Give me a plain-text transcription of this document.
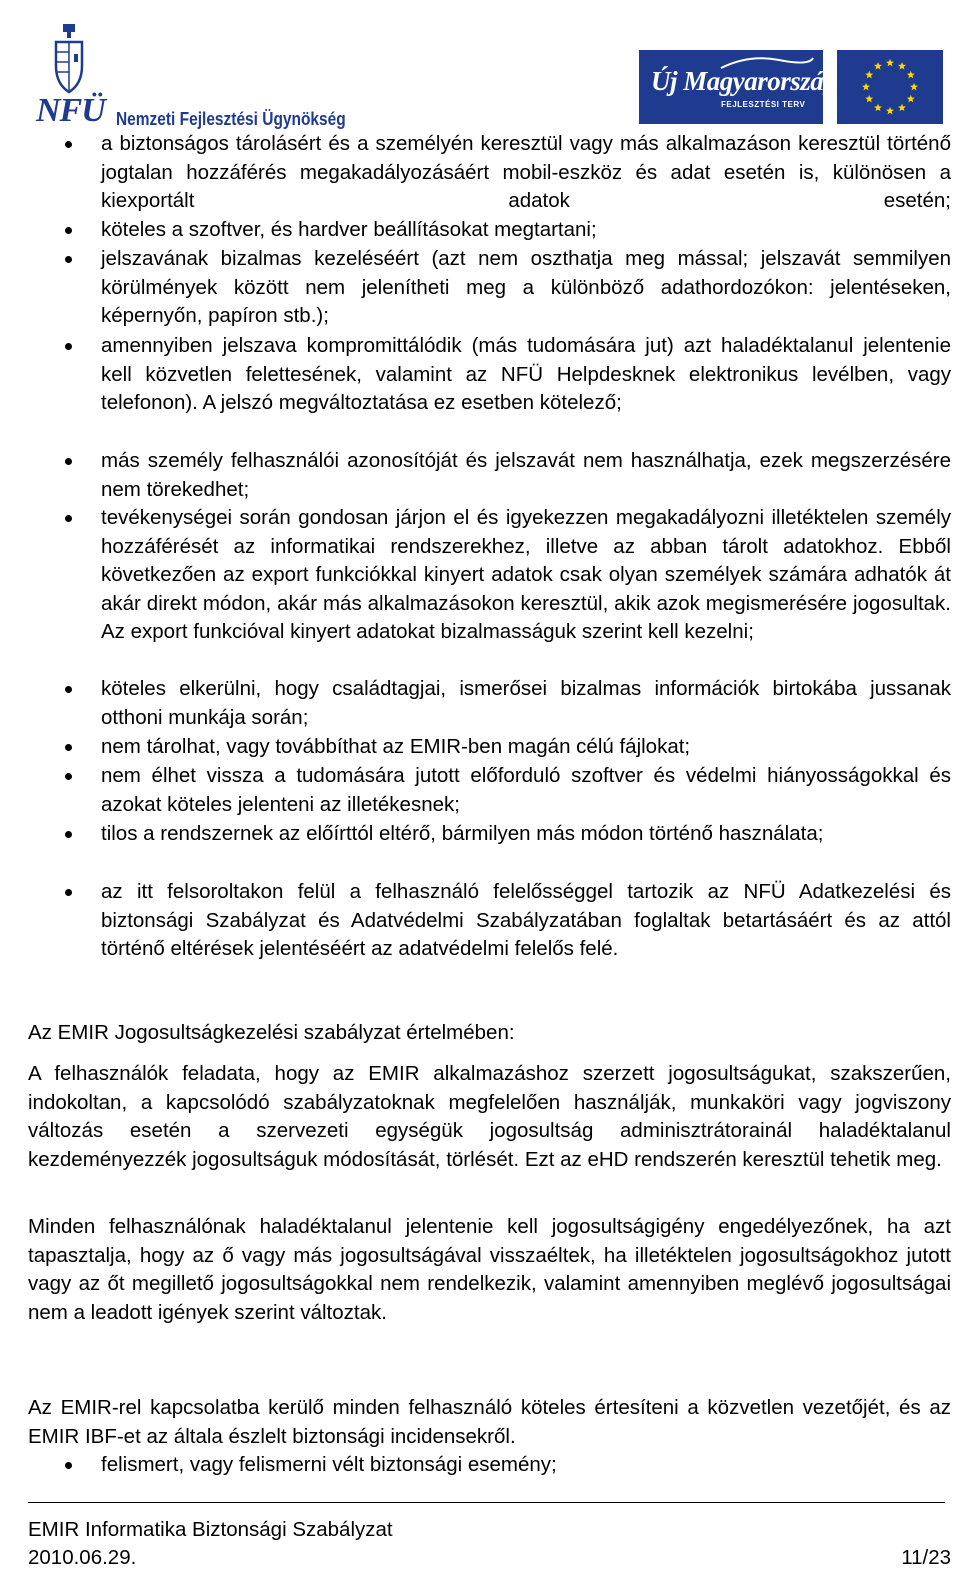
NFÜ Nemzeti Fejlesztési Ügynökség
Új Magyarország
FEJLESZTÉSI TERV
a biztonságos tárolásért és a személyén keresztül vagy más alkalmazáson keresztül történő jogtalan hozzáférés megakadályozásáért mobil-eszköz és adat esetén is, különösen a kiexportált adatok esetén;
köteles a szoftver, és hardver beállításokat megtartani;
jelszavának bizalmas kezeléséért (azt nem oszthatja meg mással; jelszavát semmilyen körülmények között nem jelenítheti meg a különböző adathordozókon: jelentéseken, képernyőn, papíron stb.);
amennyiben jelszava kompromittálódik (más tudomására jut) azt haladéktalanul jelentenie kell közvetlen felettesének, valamint az NFÜ Helpdesknek elektronikus levélben, vagy telefonon). A jelszó megváltoztatása ez esetben kötelező;
más személy felhasználói azonosítóját és jelszavát nem használhatja, ezek megszerzésére nem törekedhet;
tevékenységei során gondosan járjon el és igyekezzen megakadályozni illetéktelen személy hozzáférését az informatikai rendszerekhez, illetve az abban tárolt adatokhoz. Ebből következően az export funkciókkal kinyert adatok csak olyan személyek számára adhatók át akár direkt módon, akár más alkalmazásokon keresztül, akik azok megismerésére jogosultak. Az export funkcióval kinyert adatokat bizalmasságuk szerint kell kezelni;
köteles elkerülni, hogy családtagjai, ismerősei bizalmas információk birtokába jussanak otthoni munkája során;
nem tárolhat, vagy továbbíthat az EMIR-ben magán célú fájlokat;
nem élhet vissza a tudomására jutott előforduló szoftver és védelmi hiányosságokkal és azokat köteles jelenteni az illetékesnek;
tilos a rendszernek az előírttól eltérő, bármilyen más módon történő használata;
az itt felsoroltakon felül a felhasználó felelősséggel tartozik az NFÜ Adatkezelési és biztonsági Szabályzat és Adatvédelmi Szabályzatában foglaltak betartásáért és az attól történő eltérések jelentéséért az adatvédelmi felelős felé.
Az EMIR Jogosultságkezelési szabályzat értelmében:
A felhasználók feladata, hogy az EMIR alkalmazáshoz szerzett jogosultságukat, szakszerűen, indokoltan, a kapcsolódó szabályzatoknak megfelelően használják, munkaköri vagy jogviszony változás esetén a szervezeti egységük jogosultság adminisztrátorainál haladéktalanul kezdeményezzék jogosultságuk módosítását, törlését. Ezt az eHD rendszerén keresztül tehetik meg.
Minden felhasználónak haladéktalanul jelentenie kell jogosultságigény engedélyezőnek, ha azt tapasztalja, hogy az ő vagy más jogosultságával visszaéltek, ha illetéktelen jogosultságokhoz jutott vagy az őt megillető jogosultságokkal nem rendelkezik, valamint amennyiben meglévő jogosultságai nem a leadott igények szerint változtak.
Az EMIR-rel kapcsolatba kerülő minden felhasználó köteles értesíteni a közvetlen vezetőjét, és az EMIR IBF-et az általa észlelt biztonsági incidensekről.
felismert, vagy felismerni vélt biztonsági esemény;
EMIR Informatika Biztonsági Szabályzat
2010.06.29.	11/23
